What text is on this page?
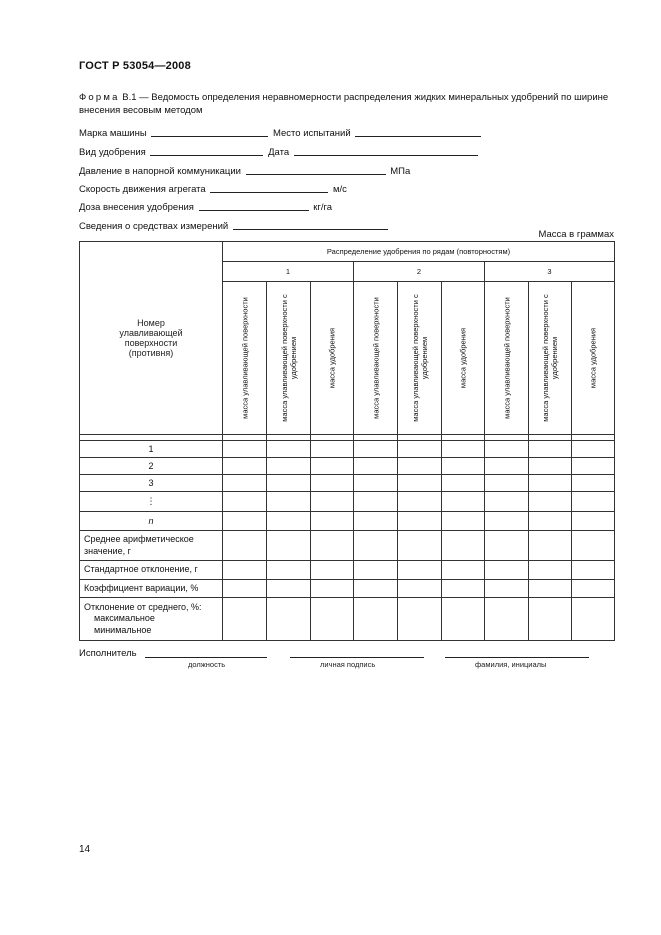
ГОСТ Р 53054—2008
Форма В.1 — Ведомость определения неравномерности распределения жидких минеральных удобрений по ширине внесения весовым методом
Марка машины	Место испытаний
Вид удобрения	Дата
Давление в напорной коммуникации	МПа
Скорость движения агрегата	м/с
Доза внесения удобрения	кг/га
Сведения о средствах измерений
Масса в граммах
Номер улавливающей поверхности (противня)	Распределение удобрения по рядам (повторностям)								
	1			2			3		

	масса улавливающей поверхности	масса улавливающей поверхности с удобрением	масса удобрения	масса улавливающей поверхности	масса улавливающей поверхности с удобрением	масса удобрения	масса улавливающей поверхности	масса улавливающей поверхности с удобрением	масса удобрения

1									
2									
3									
⋮									
n									

Среднее арифметическое значение, г									

Стандартное отклонение, г									
Коэффициент вариации, %									

Отклонение от среднего, %:
максимальное
минимальное									

Исполнитель
должность	личная подпись	фамилия, инициалы
14
